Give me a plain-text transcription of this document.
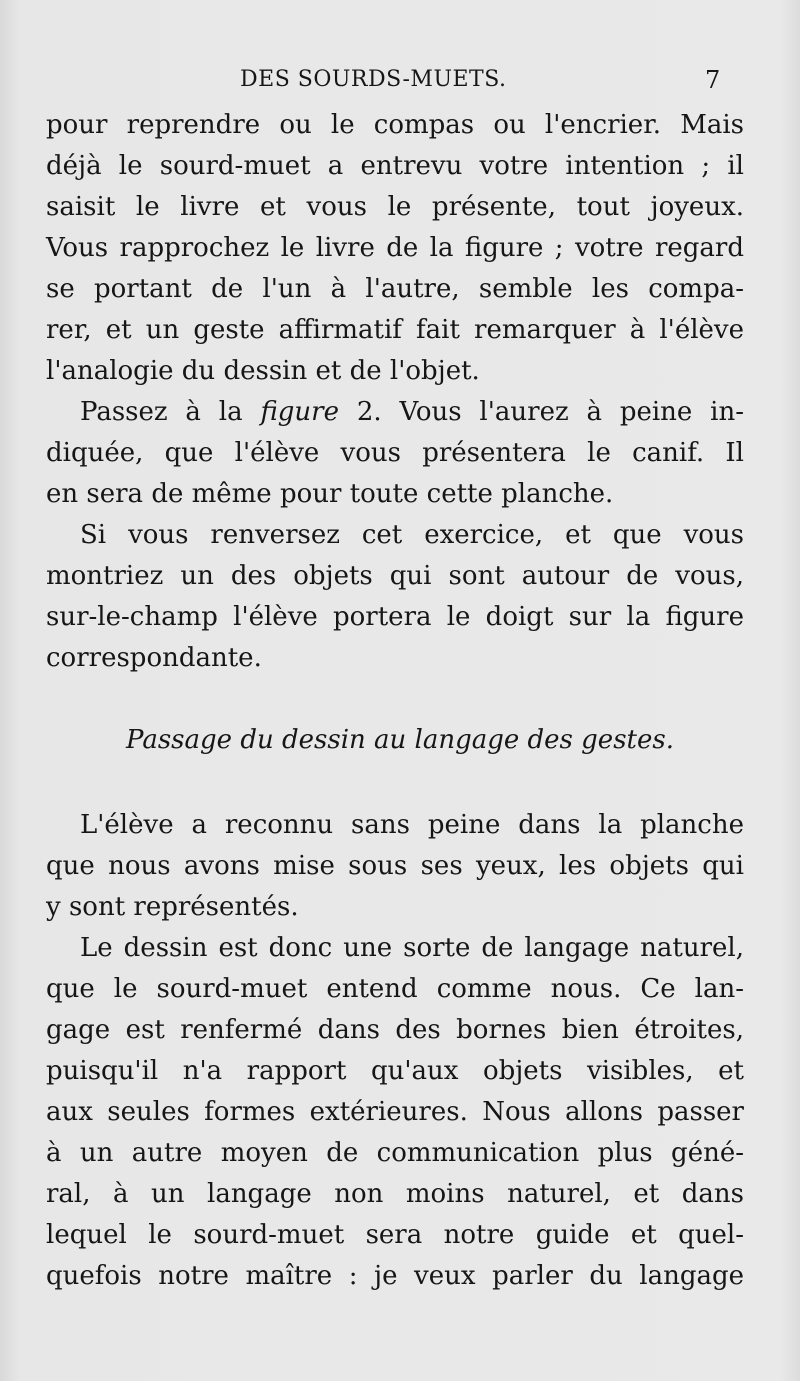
DES SOURDS-MUETS.	7
pour reprendre ou le compas ou l'encrier. Mais
déjà le sourd-muet a entrevu votre intention ; il
saisit le livre et vous le présente, tout joyeux.
Vous rapprochez le livre de la figure ; votre regard
se portant de l'un à l'autre, semble les compa-
rer, et un geste affirmatif fait remarquer à l'élève
l'analogie du dessin et de l'objet.
Passez à la figure 2. Vous l'aurez à peine in-
diquée, que l'élève vous présentera le canif. Il
en sera de même pour toute cette planche.
Si vous renversez cet exercice, et que vous
montriez un des objets qui sont autour de vous,
sur-le-champ l'élève portera le doigt sur la figure
correspondante.
Passage du dessin au langage des gestes.
L'élève a reconnu sans peine dans la planche
que nous avons mise sous ses yeux, les objets qui
y sont représentés.
Le dessin est donc une sorte de langage naturel,
que le sourd-muet entend comme nous. Ce lan-
gage est renfermé dans des bornes bien étroites,
puisqu'il n'a rapport qu'aux objets visibles, et
aux seules formes extérieures. Nous allons passer
à un autre moyen de communication plus géné-
ral, à un langage non moins naturel, et dans
lequel le sourd-muet sera notre guide et quel-
quefois notre maître : je veux parler du langage
